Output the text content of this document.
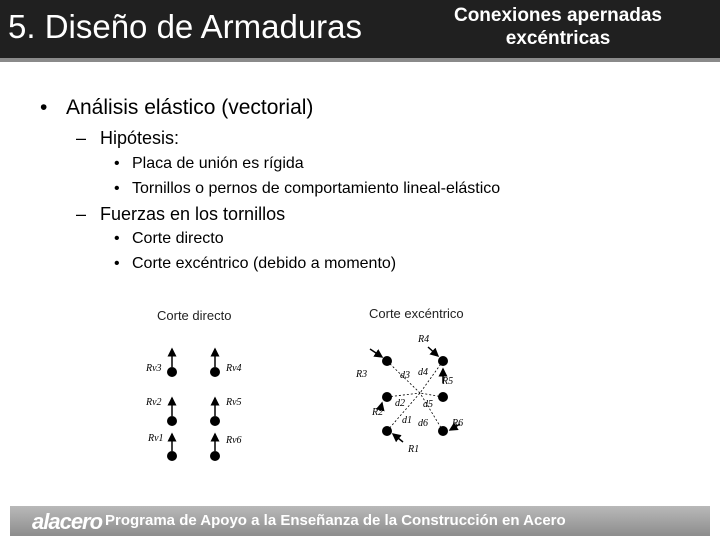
5. Diseño de Armaduras	Conexiones apernadas
excéntricas
• Análisis elástico (vectorial)
– Hipótesis:
• Placa de unión es rígida
• Tornillos o pernos de comportamiento lineal-elástico
– Fuerzas en los tornillos
• Corte directo
• Corte excéntrico (debido a momento)
Corte directo	Corte excéntrico
Rv3	Rv4
Rv2	Rv5
Rv1	Rv6
R4
R3
R5
R2
R6
R1
d3 d4
d2 d5
d1 d6
alacero Programa de Apoyo a la Enseñanza de la Construcción en Acero
